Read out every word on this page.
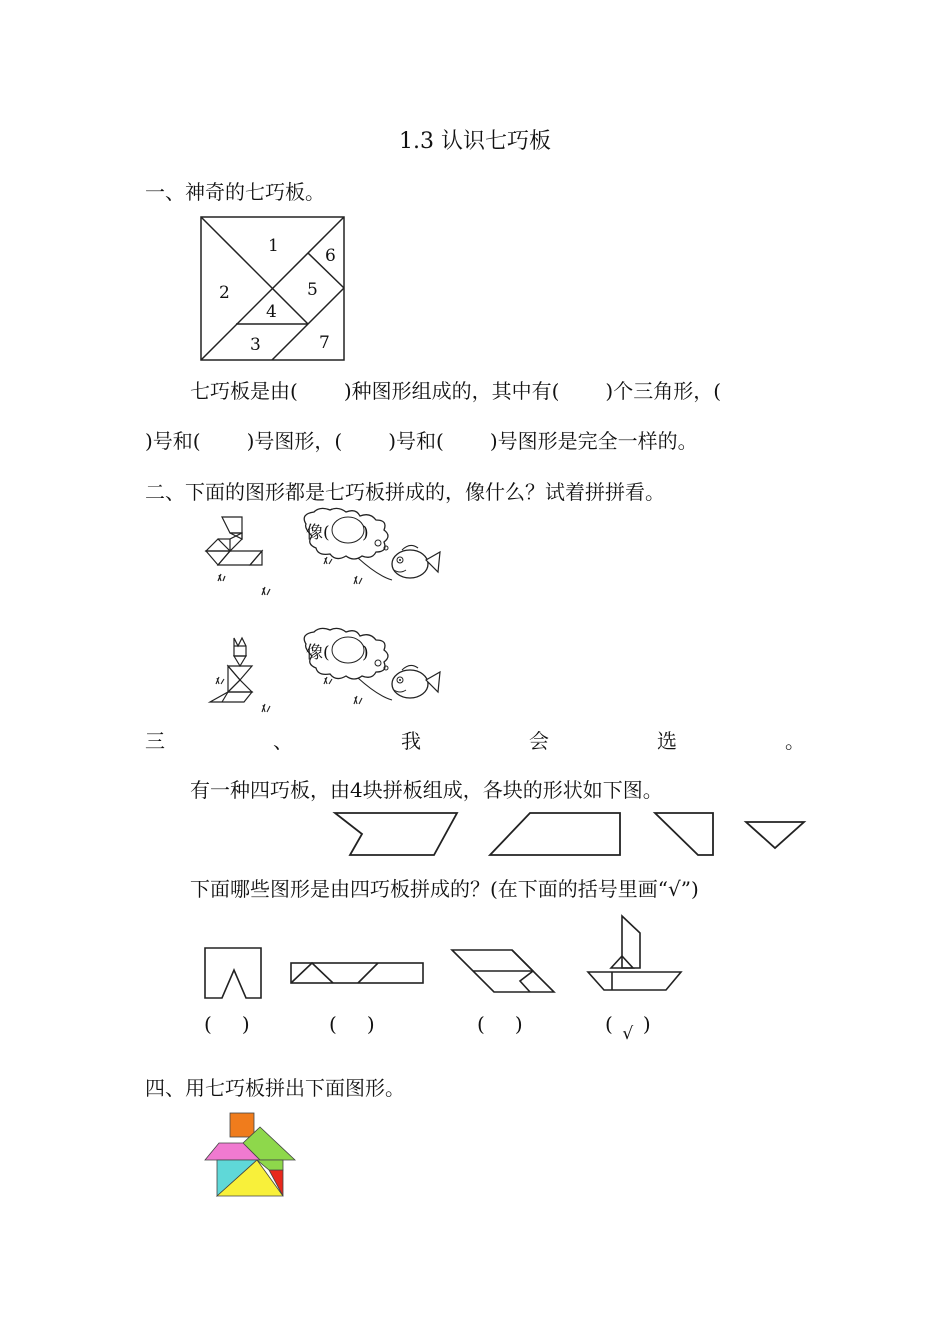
1.3 认识七巧板
一、神奇的七巧板。
1
2
3
4
5
6
7
七巧板是由( )种图形组成的，其中有( )个三角形，(
)号和( )号图形，( )号和( )号图形是完全一样的。
二、下面的图形都是七巧板拼成的，像什么？试着拼拼看。
像( )
像( )
三	、	我	会	选	。
有一种四巧板，由4块拼板组成，各块的形状如下图。
下面哪些图形是由四巧板拼成的？(在下面的括号里画“√”)
( )	( )	( )	( √ )
四、用七巧板拼出下面图形。
